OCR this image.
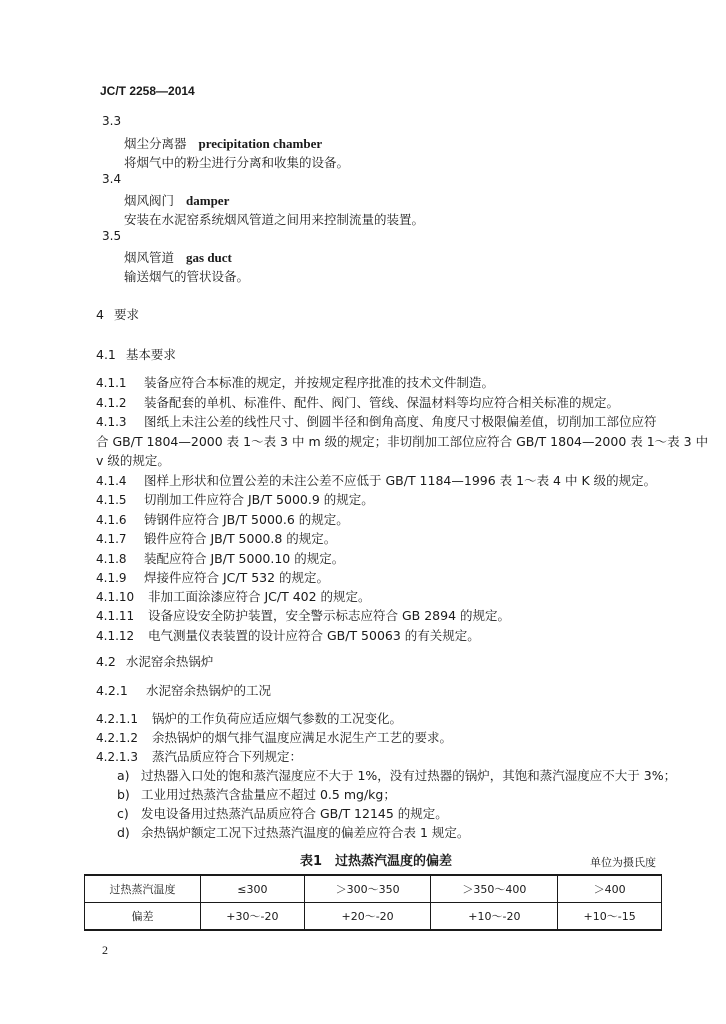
JC/T 2258—2014
3.3
烟尘分离器 precipitation chamber
将烟气中的粉尘进行分离和收集的设备。
3.4
烟风阀门 damper
安装在水泥窑系统烟风管道之间用来控制流量的装置。
3.5
烟风管道 gas duct
输送烟气的管状设备。
4 要求
4.1 基本要求
4.1.1 装备应符合本标准的规定，并按规定程序批准的技术文件制造。
4.1.2 装备配套的单机、标准件、配件、阀门、管线、保温材料等均应符合相关标准的规定。
4.1.3 图纸上未注公差的线性尺寸、倒圆半径和倒角高度、角度尺寸极限偏差值，切削加工部位应符
合 GB/T 1804—2000 表 1～表 3 中 m 级的规定；非切削加工部位应符合 GB/T 1804—2000 表 1～表 3 中
v 级的规定。
4.1.4 图样上形状和位置公差的未注公差不应低于 GB/T 1184—1996 表 1～表 4 中 K 级的规定。
4.1.5 切削加工件应符合 JB/T 5000.9 的规定。
4.1.6 铸钢件应符合 JB/T 5000.6 的规定。
4.1.7 锻件应符合 JB/T 5000.8 的规定。
4.1.8 装配应符合 JB/T 5000.10 的规定。
4.1.9 焊接件应符合 JC/T 532 的规定。
4.1.10 非加工面涂漆应符合 JC/T 402 的规定。
4.1.11 设备应设安全防护装置，安全警示标志应符合 GB 2894 的规定。
4.1.12 电气测量仪表装置的设计应符合 GB/T 50063 的有关规定。
4.2 水泥窑余热锅炉
4.2.1 水泥窑余热锅炉的工况
4.2.1.1 锅炉的工作负荷应适应烟气参数的工况变化。
4.2.1.2 余热锅炉的烟气排气温度应满足水泥生产工艺的要求。
4.2.1.3 蒸汽品质应符合下列规定：
a) 过热器入口处的饱和蒸汽湿度应不大于 1%，没有过热器的锅炉，其饱和蒸汽湿度应不大于 3%；
b) 工业用过热蒸汽含盐量应不超过 0.5 mg/kg；
c) 发电设备用过热蒸汽品质应符合 GB/T 12145 的规定。
d) 余热锅炉额定工况下过热蒸汽温度的偏差应符合表 1 规定。
表1　过热蒸汽温度的偏差	单位为摄氏度
过热蒸汽温度	≤300	＞300～350	＞350～400	＞400
偏差	+30～-20	+20～-20	+10～-20	+10～-15
2
